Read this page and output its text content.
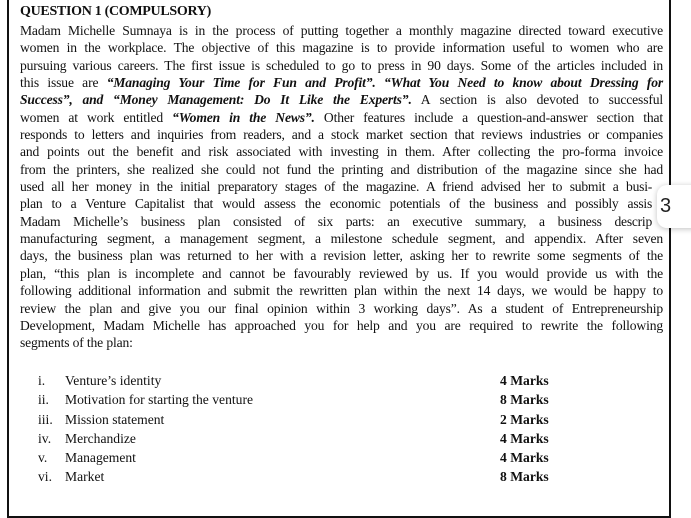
QUESTION 1 (COMPULSORY)
Madam Michelle Sumnaya is in the process of putting together a monthly magazine directed toward executive
women in the workplace. The objective of this magazine is to provide information useful to women who are
pursuing various careers. The first issue is scheduled to go to press in 90 days. Some of the articles included in
this issue are “Managing Your Time for Fun and Profit”. “What You Need to know about Dressing for
Success”, and “Money Management: Do It Like the Experts”. A section is also devoted to successful
women at work entitled “Women in the News”. Other features include a question-and-answer section that
responds to letters and inquiries from readers, and a stock market section that reviews industries or companies
and points out the benefit and risk associated with investing in them. After collecting the pro-forma invoice
from the printers, she realized she could not fund the printing and distribution of the magazine since she had
used all her money in the initial preparatory stages of the magazine. A friend advised her to submit a busi-
plan to a Venture Capitalist that would assess the economic potentials of the business and possibly assis
Madam Michelle’s business plan consisted of six parts: an executive summary, a business descrip
manufacturing segment, a management segment, a milestone schedule segment, and appendix. After seven
days, the business plan was returned to her with a revision letter, asking her to rewrite some segments of the
plan, “this plan is incomplete and cannot be favourably reviewed by us. If you would provide us with the
following additional information and submit the rewritten plan within the next 14 days, we would be happy to
review the plan and give you our final opinion within 3 working days”. As a student of Entrepreneurship
Development, Madam Michelle has approached you for help and you are required to rewrite the following
segments of the plan:
i. Venture’s identity	4 Marks
ii. Motivation for starting the venture	8 Marks
iii. Mission statement	2 Marks
iv. Merchandize	4 Marks
v. Management	4 Marks
vi. Market	8 Marks
3
